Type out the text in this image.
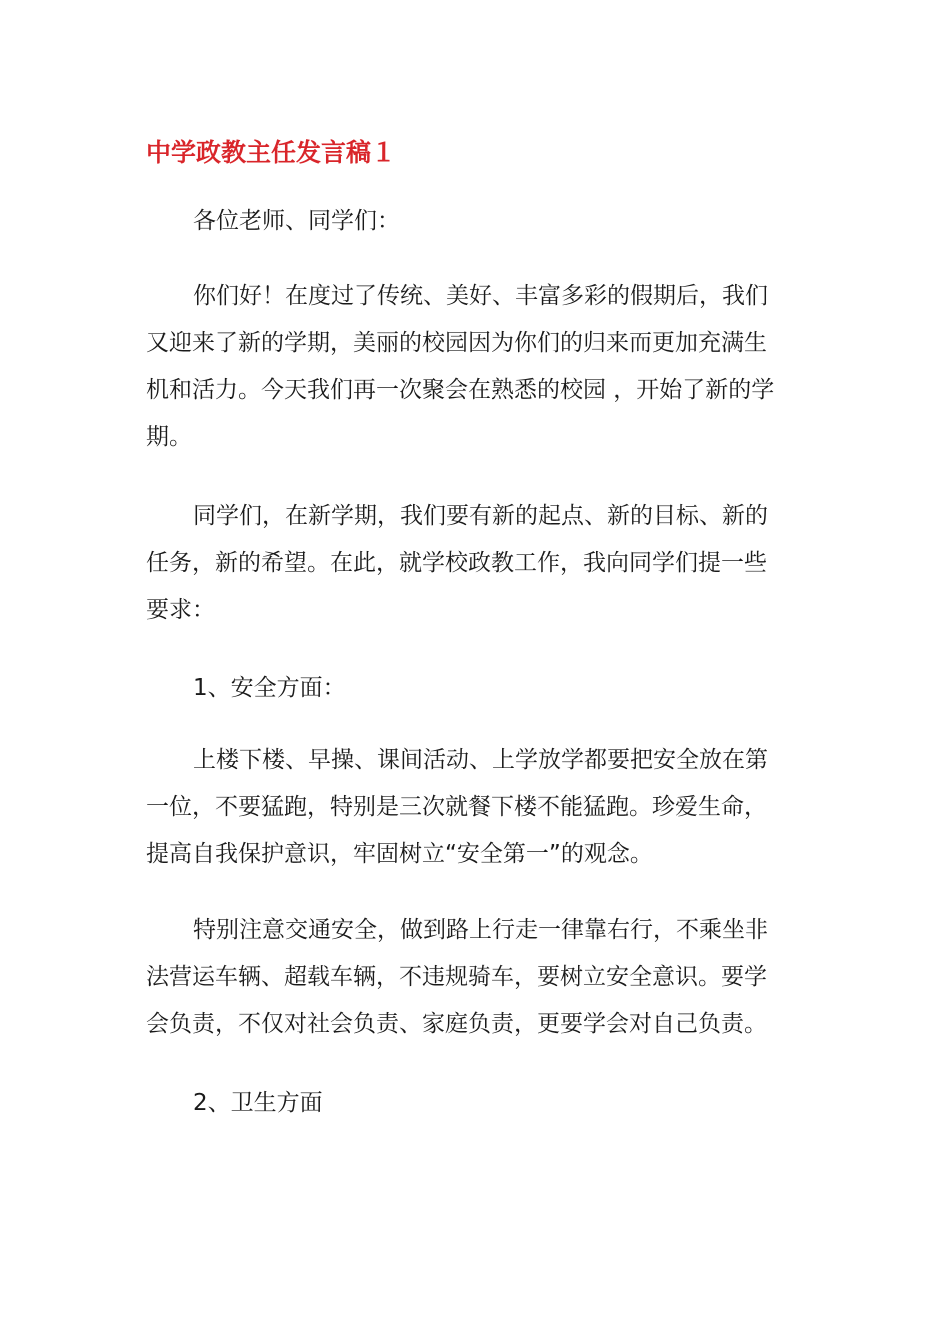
中学政教主任发言稿１
各位老师、同学们：
你们好！在度过了传统、美好、丰富多彩的假期后，我们
又迎来了新的学期，美丽的校园因为你们的归来而更加充满生
机和活力。今天我们再一次聚会在熟悉的校园 ，开始了新的学
期。
同学们，在新学期，我们要有新的起点、新的目标、新的
任务，新的希望。在此，就学校政教工作，我向同学们提一些
要求：
1、安全方面：
上楼下楼、早操、课间活动、上学放学都要把安全放在第
一位，不要猛跑，特别是三次就餐下楼不能猛跑。珍爱生命，
提高自我保护意识，牢固树立“安全第一”的观念。
特别注意交通安全，做到路上行走一律靠右行，不乘坐非
法营运车辆、超载车辆，不违规骑车，要树立安全意识。要学
会负责，不仅对社会负责、家庭负责，更要学会对自己负责。
2、卫生方面
